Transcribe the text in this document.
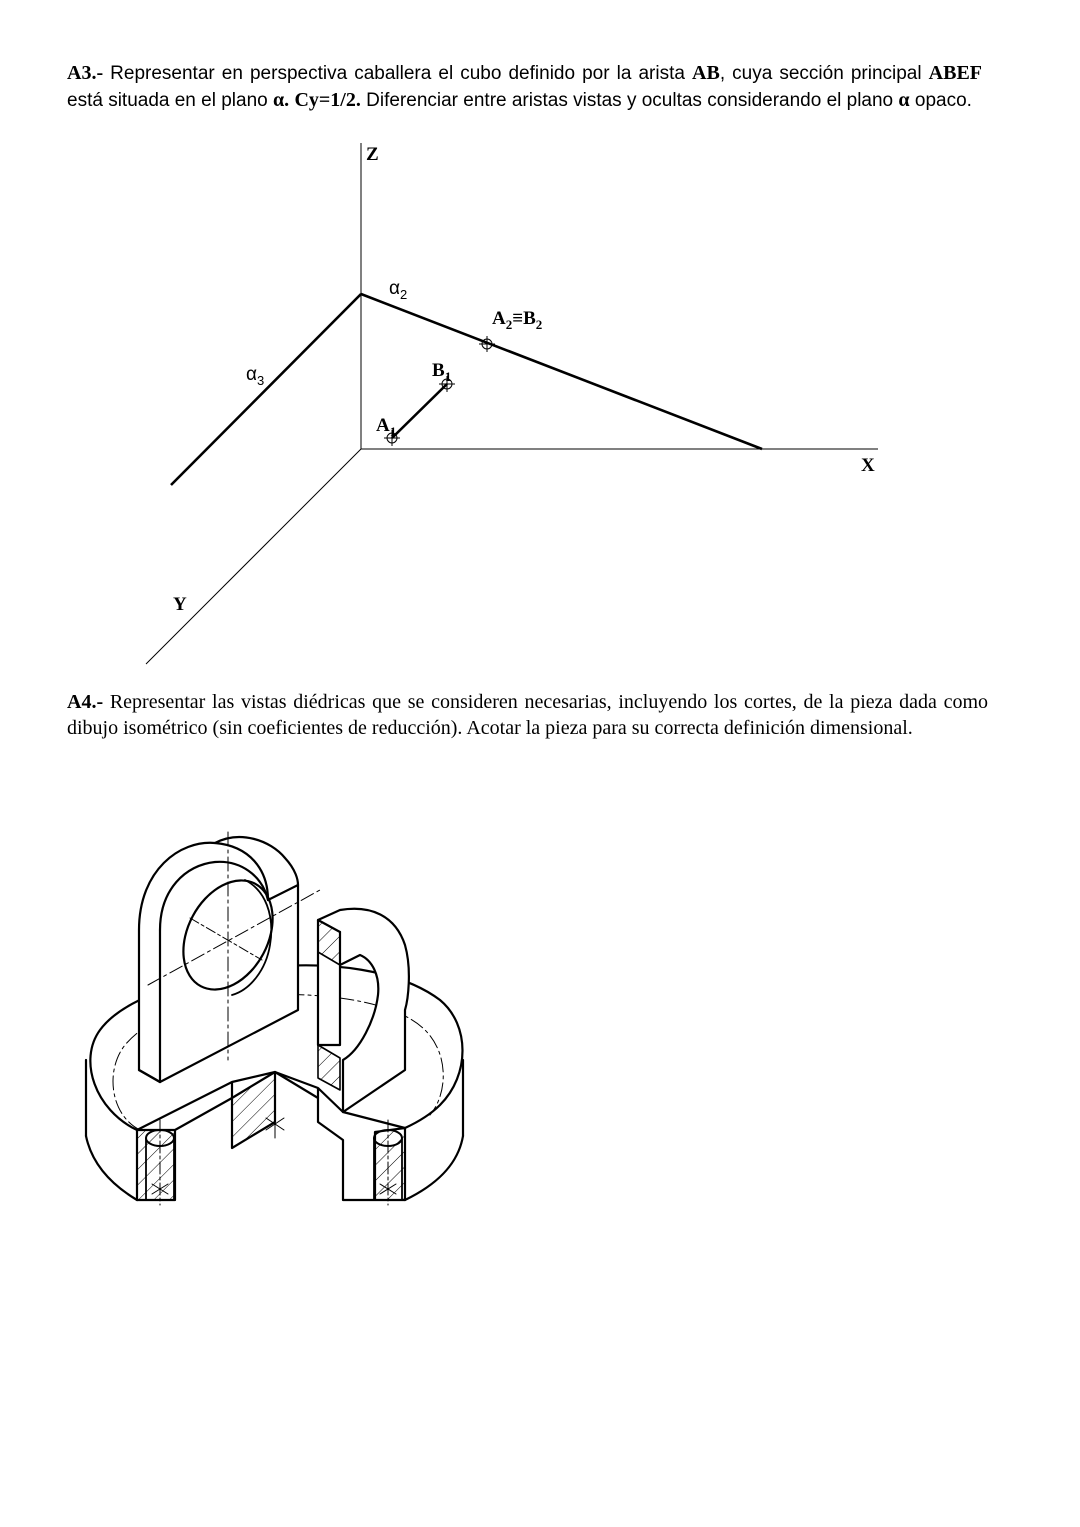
A3.- Representar en perspectiva caballera el cubo definido por la arista AB, cuya sección principal ABEF está situada en el plano α. Cy=1/2. Diferenciar entre aristas vistas y ocultas considerando el plano α opaco.
A4.- Representar las vistas diédricas que se consideren necesarias, incluyendo los cortes, de la pieza dada como dibujo isométrico (sin coeficientes de reducción). Acotar la pieza para su correcta definición dimensional.
Z
X
Y
$\alpha_2$
$\alpha_3$
$A_2\equiv B_2$
$B_1$
$A_1$
